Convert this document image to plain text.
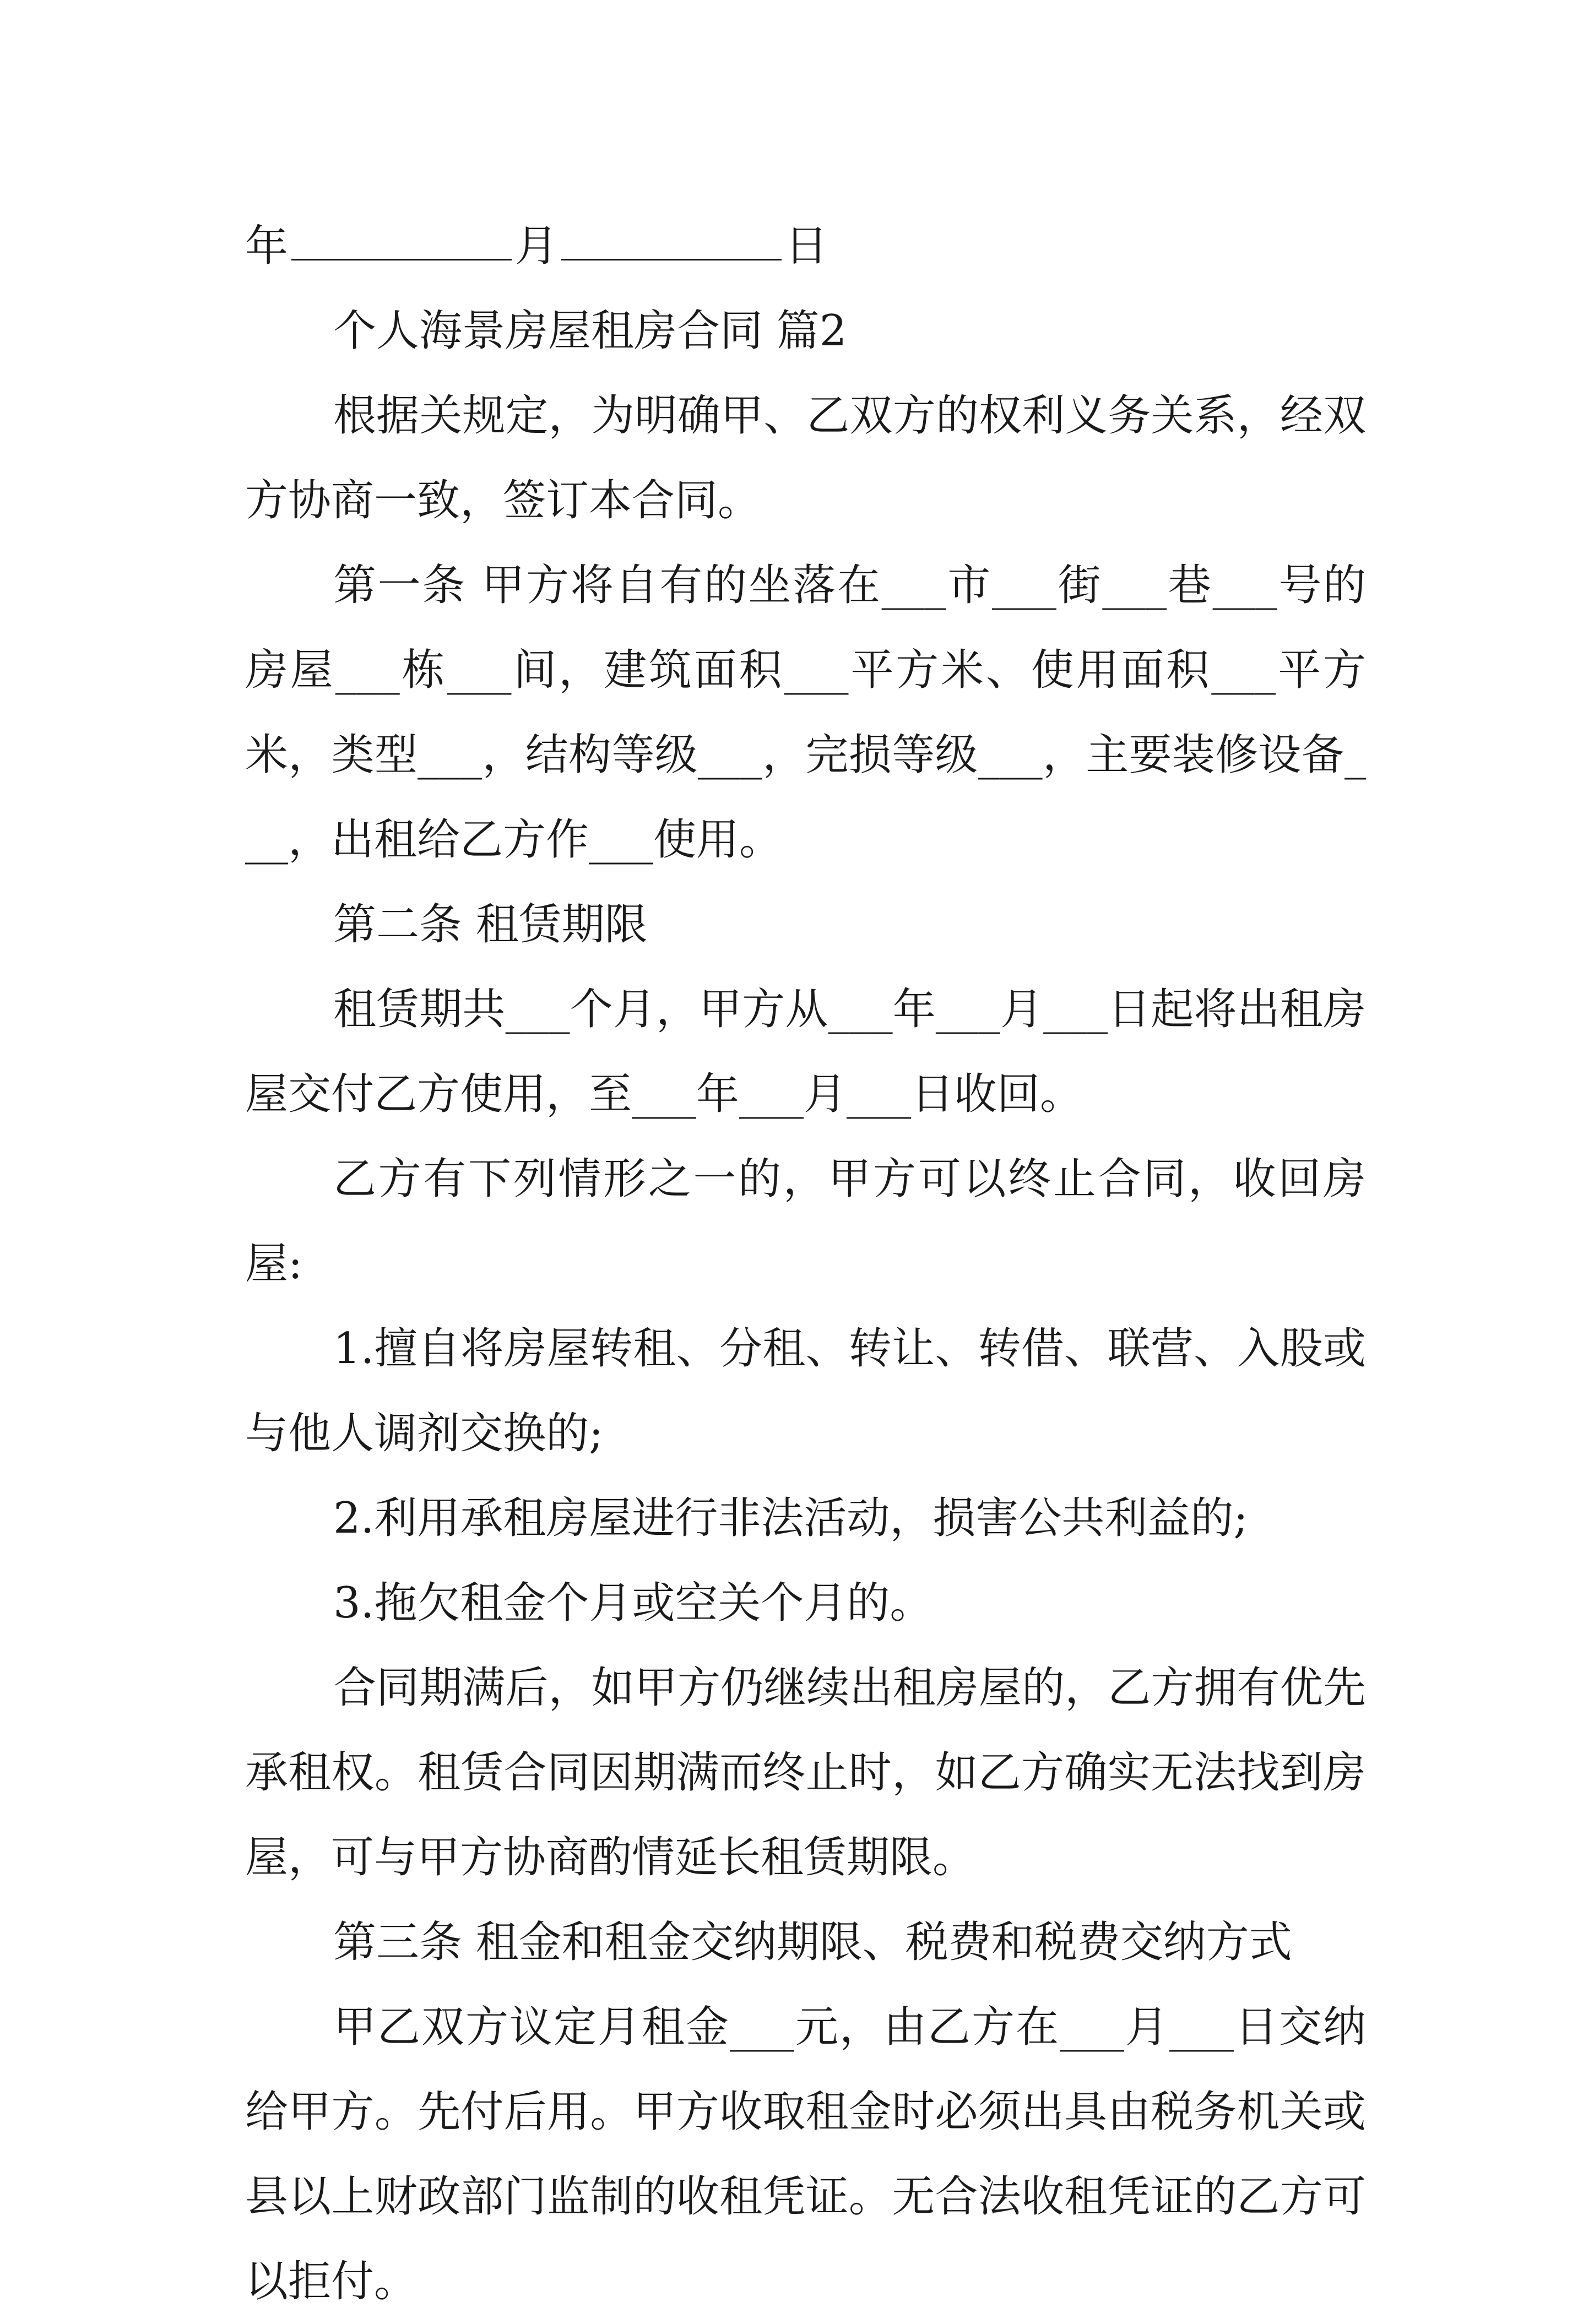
年	月	日

个人海景房屋租房合同 篇2

根据关规定，为明确甲、乙双方的权利义务关系，经双方协商一致，签订本合同。

第一条 甲方将自有的坐落在___市___街___巷___号的房屋___栋___间，建筑面积___平方米、使用面积___平方米，类型___，结构等级___，完损等级___，主要装修设备___，出租给乙方作___使用。

第二条 租赁期限

租赁期共___个月，甲方从___年___月___日起将出租房屋交付乙方使用，至___年___月___日收回。

乙方有下列情形之一的，甲方可以终止合同，收回房屋:

1.擅自将房屋转租、分租、转让、转借、联营、入股或与他人调剂交换的;

2.利用承租房屋进行非法活动，损害公共利益的;

3.拖欠租金个月或空关个月的。

合同期满后，如甲方仍继续出租房屋的，乙方拥有优先承租权。租赁合同因期满而终止时，如乙方确实无法找到房屋，可与甲方协商酌情延长租赁期限。

第三条 租金和租金交纳期限、税费和税费交纳方式

甲乙双方议定月租金___元，由乙方在___月___日交纳给甲方。先付后用。甲方收取租金时必须出具由税务机关或县以上财政部门监制的收租凭证。无合法收租凭证的乙方可以拒付。
